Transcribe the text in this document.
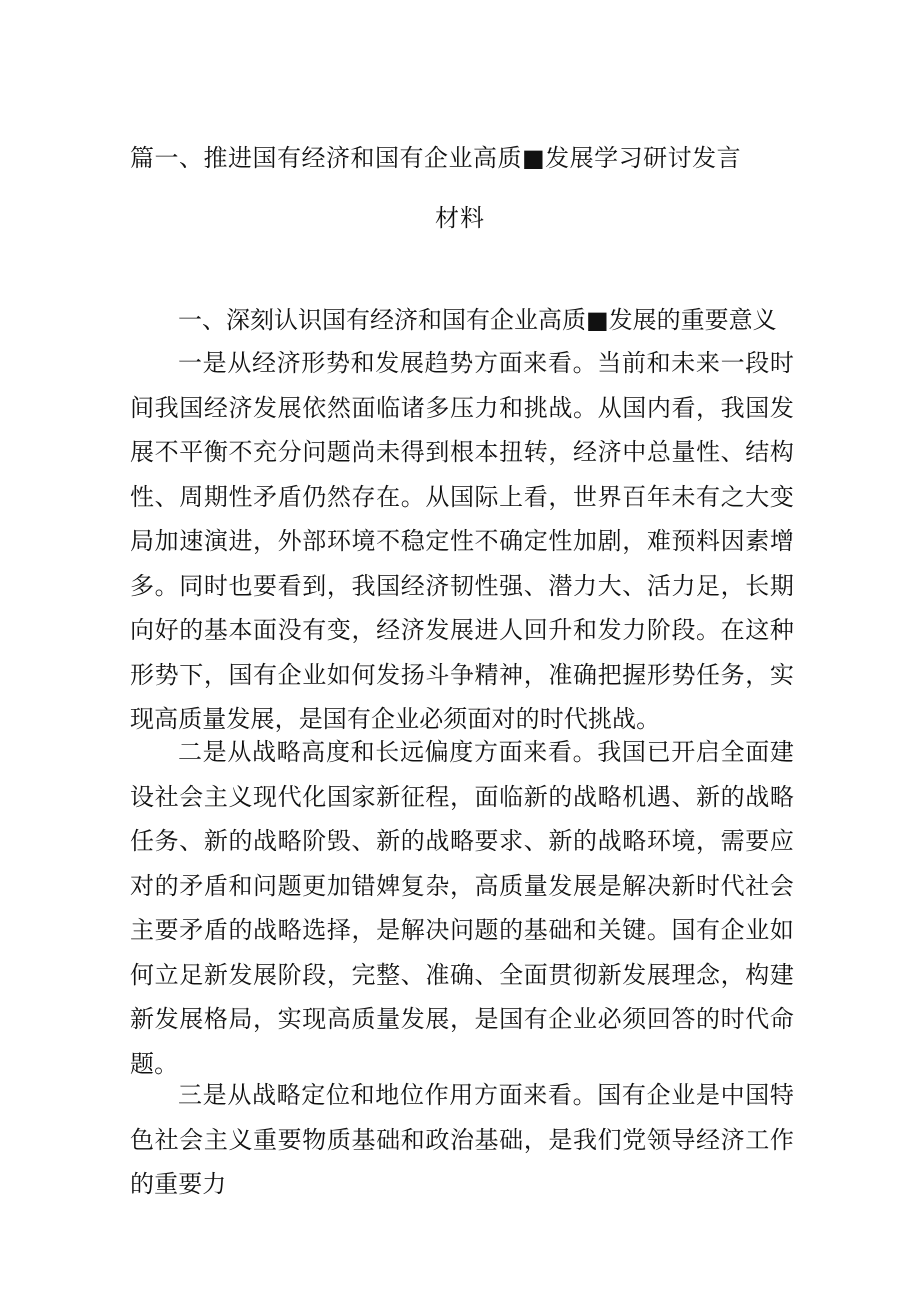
篇一、推进国有经济和国有企业高质■发展学习研讨发言
材料
一、深刻认识国有经济和国有企业高质■发展的重要意义

一是从经济形势和发展趋势方面来看。当前和未来一段时间我国经济发展依然面临诸多压力和挑战。从国内看，我国发展不平衡不充分问题尚未得到根本扭转，经济中总量性、结构性、周期性矛盾仍然存在。从国际上看，世界百年未有之大变局加速演进，外部环境不稳定性不确定性加剧，难预料因素增多。同时也要看到，我国经济韧性强、潜力大、活力足，长期向好的基本面没有变，经济发展进人回升和发力阶段。在这种形势下，国有企业如何发扬斗争精神，准确把握形势任务，实现高质量发展，是国有企业必须面对的时代挑战。

二是从战略高度和长远偏度方面来看。我国已开启全面建设社会主义现代化国家新征程，面临新的战略机遇、新的战略任务、新的战略阶毁、新的战略要求、新的战略环境，需要应对的矛盾和问题更加错婢复杂，高质量发展是解决新时代社会主要矛盾的战略选择，是解决问题的基础和关键。国有企业如何立足新发展阶段，完整、准确、全面贯彻新发展理念，构建新发展格局，实现高质量发展，是国有企业必须回答的时代命题。

三是从战略定位和地位作用方面来看。国有企业是中国特色社会主义重要物质基础和政治基础，是我们党领导经济工作的重要力
